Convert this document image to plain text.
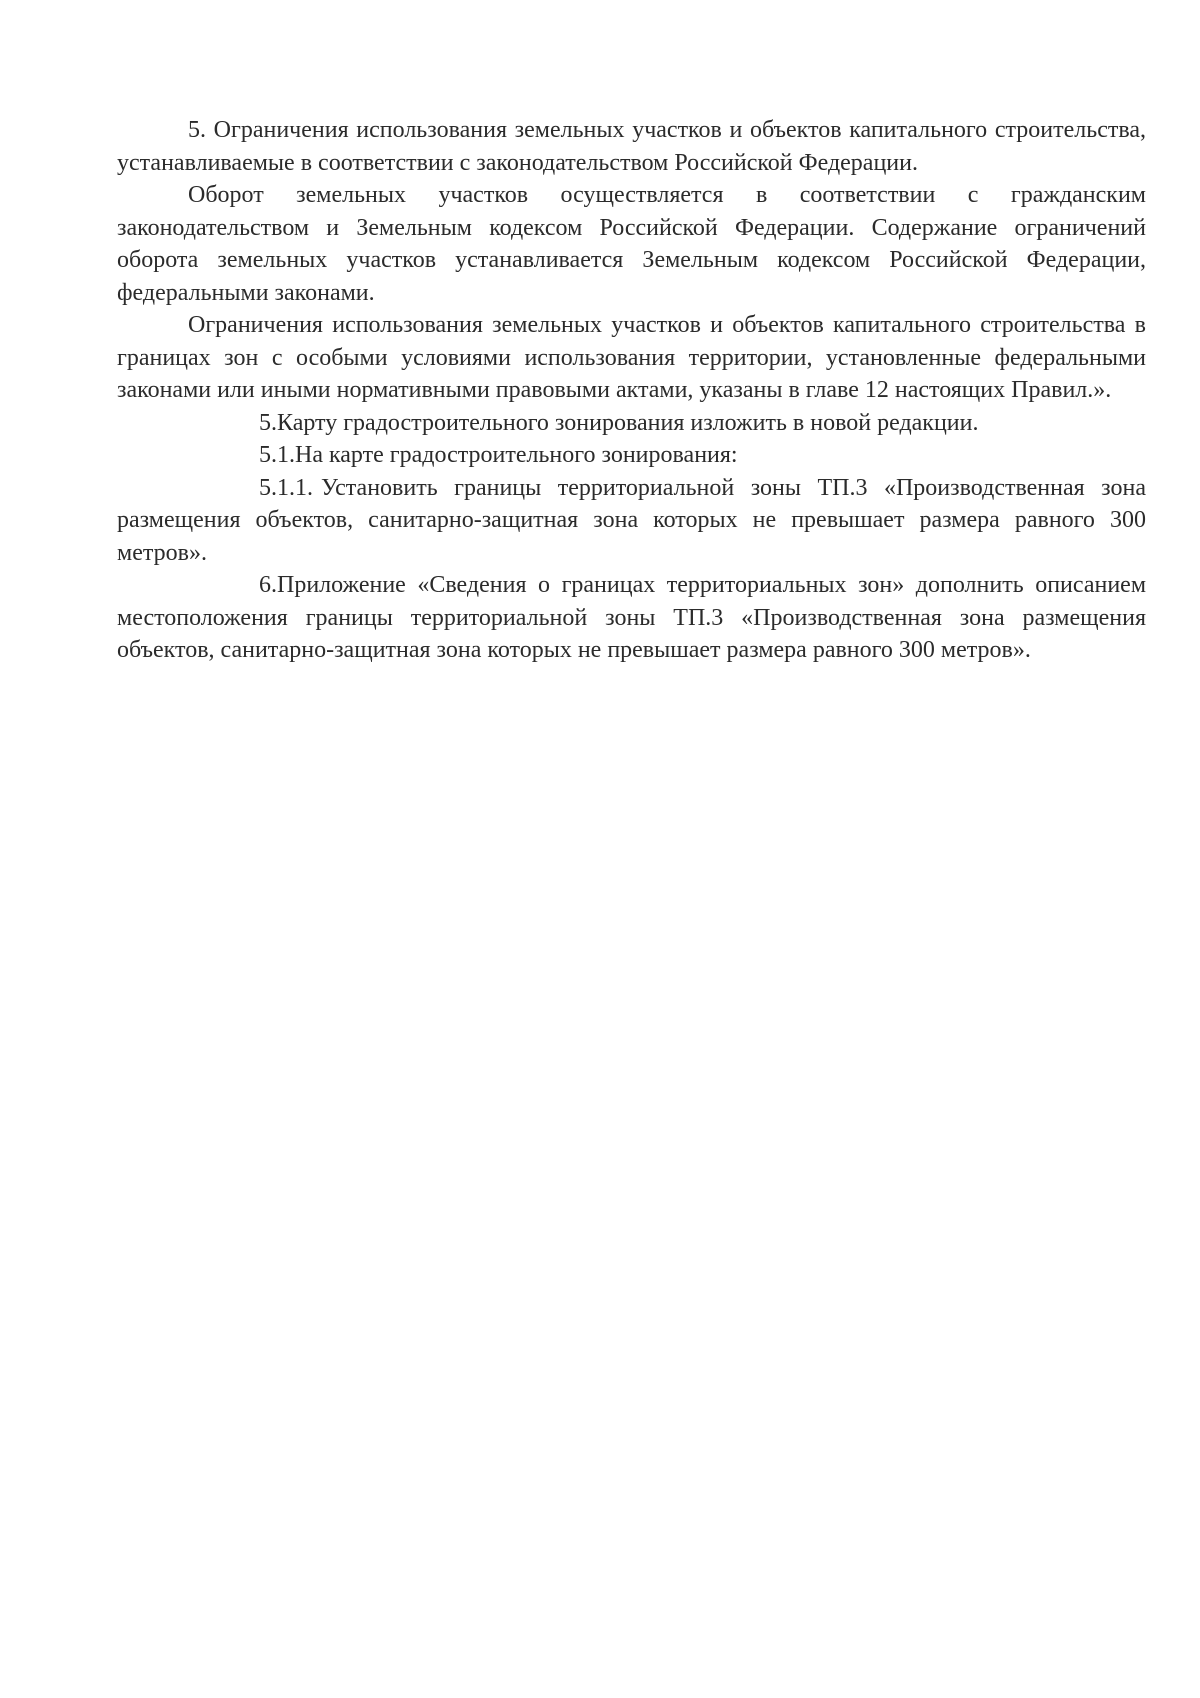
5. Ограничения использования земельных участков и объектов капитального строительства, устанавливаемые в соответствии с законодательством Российской Федерации.

Оборот земельных участков осуществляется в соответствии с гражданским законодательством и Земельным кодексом Российской Федерации. Содержание ограничений оборота земельных участков устанавливается Земельным кодексом Российской Федерации, федеральными законами.

Ограничения использования земельных участков и объектов капитального строительства в границах зон с особыми условиями использования территории, установленные федеральными законами или иными нормативными правовыми актами, указаны в главе 12 настоящих Правил.».

5.Карту градостроительного зонирования изложить в новой редакции.

5.1.На карте градостроительного зонирования:

5.1.1. Установить границы территориальной зоны ТП.3 «Производственная зона размещения объектов, санитарно-защитная зона которых не превышает размера равного 300 метров».

6.Приложение «Сведения о границах территориальных зон» дополнить описанием местоположения границы территориальной зоны ТП.3 «Производственная зона размещения объектов, санитарно-защитная зона которых не превышает размера равного 300 метров».
